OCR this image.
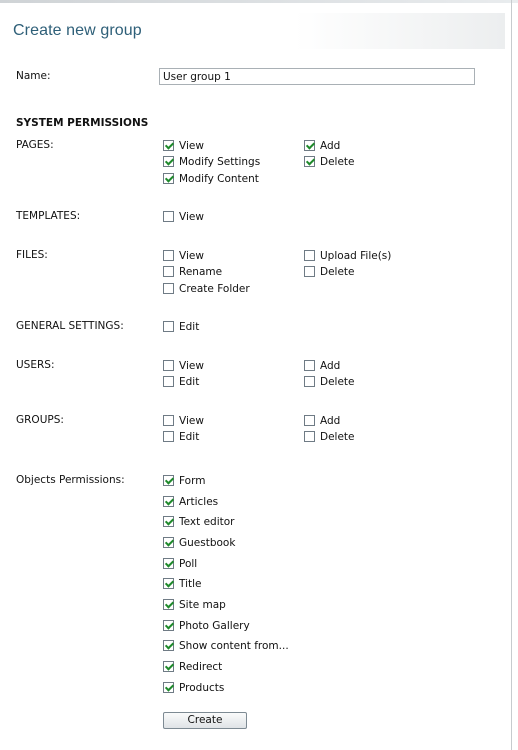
Create new group
Name:
User group 1
SYSTEM PERMISSIONS
PAGES:	View	Add
Modify Settings	Delete
Modify Content
TEMPLATES:	View
FILES:	View	Upload File(s)
Rename	Delete
Create Folder
GENERAL SETTINGS:	Edit
USERS:	View	Add
Edit	Delete
GROUPS:	View	Add
Edit	Delete
Objects Permissions:	Form
Articles
Text editor
Guestbook
Poll
Title
Site map
Photo Gallery
Show content from...
Redirect
Products
Create
